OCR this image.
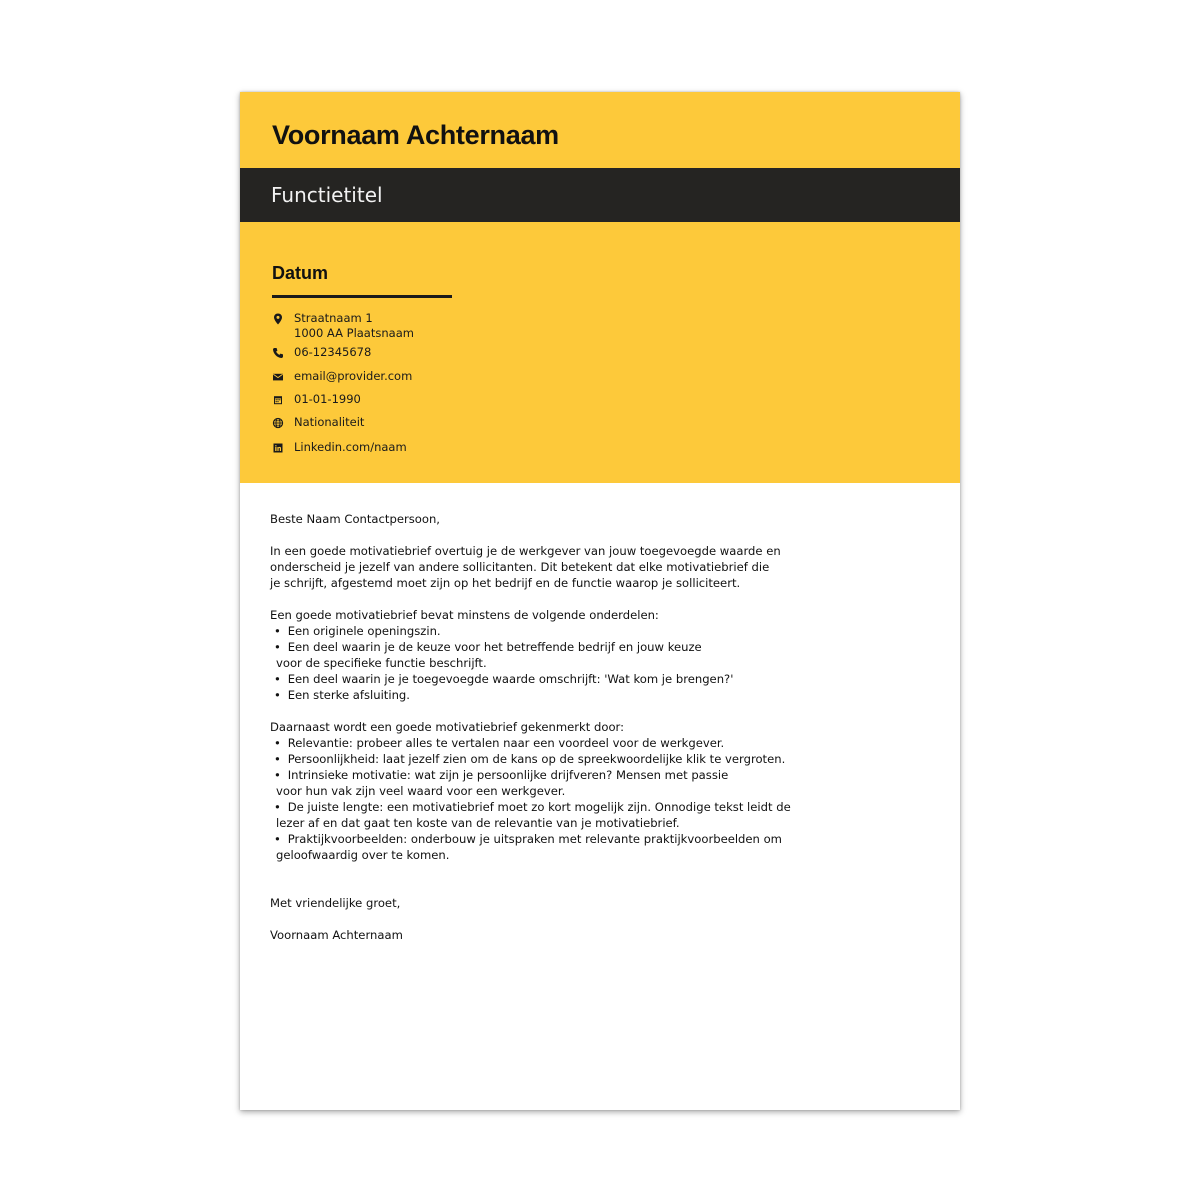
Voornaam Achternaam
Functietitel
Datum
Straatnaam 1
1000 AA Plaatsnaam
06-12345678
email@provider.com
01-01-1990
Nationaliteit
Linkedin.com/naam

Beste Naam Contactpersoon,

In een goede motivatiebrief overtuig je de werkgever van jouw toegevoegde waarde en

onderscheid je jezelf van andere sollicitanten. Dit betekent dat elke motivatiebrief die

je schrijft, afgestemd moet zijn op het bedrijf en de functie waarop je solliciteert.

Een goede motivatiebrief bevat minstens de volgende onderdelen:

• Een originele openingszin.

• Een deel waarin je de keuze voor het betreffende bedrijf en jouw keuze

voor de specifieke functie beschrijft.

• Een deel waarin je je toegevoegde waarde omschrijft: 'Wat kom je brengen?'

• Een sterke afsluiting.

Daarnaast wordt een goede motivatiebrief gekenmerkt door:

• Relevantie: probeer alles te vertalen naar een voordeel voor de werkgever.

• Persoonlijkheid: laat jezelf zien om de kans op de spreekwoordelijke klik te vergroten.

• Intrinsieke motivatie: wat zijn je persoonlijke drijfveren? Mensen met passie

voor hun vak zijn veel waard voor een werkgever.

• De juiste lengte: een motivatiebrief moet zo kort mogelijk zijn. Onnodige tekst leidt de

lezer af en dat gaat ten koste van de relevantie van je motivatiebrief.

• Praktijkvoorbeelden: onderbouw je uitspraken met relevante praktijkvoorbeelden om

geloofwaardig over te komen.

Met vriendelijke groet,

Voornaam Achternaam
